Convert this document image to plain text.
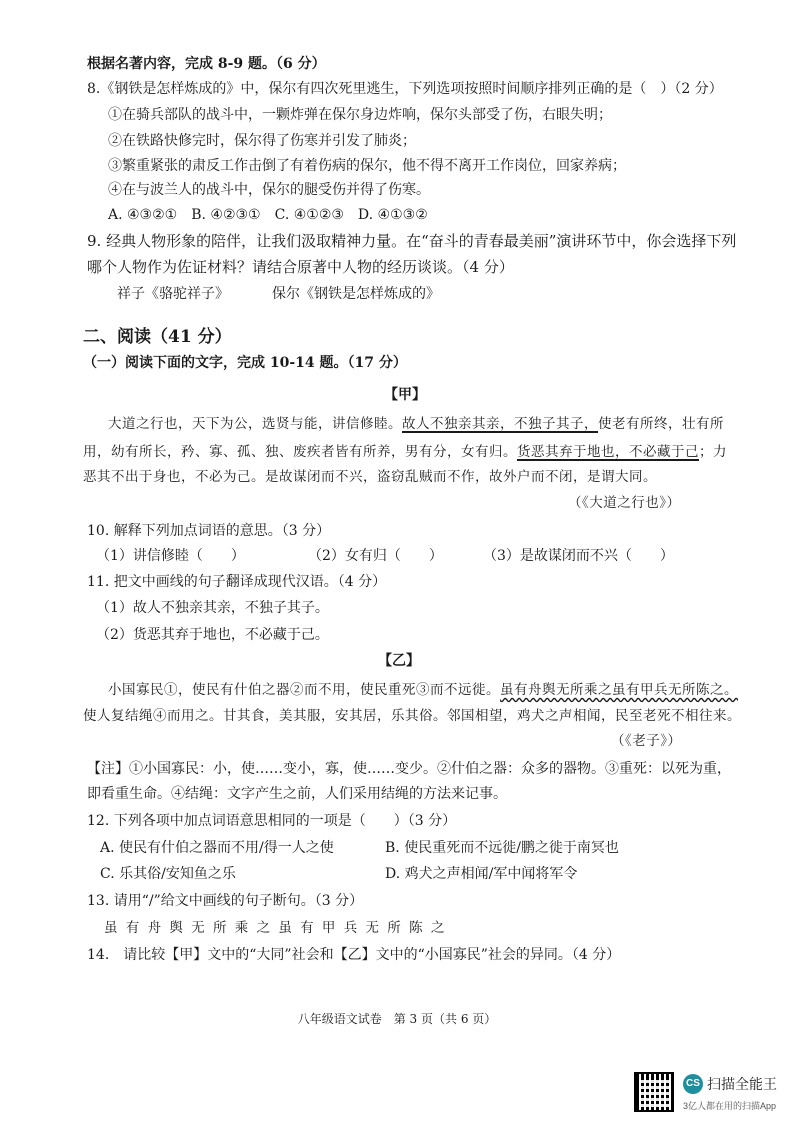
根据名著内容，完成 8-9 题。（6 分）
8.《钢铁是怎样炼成的》中，保尔有四次死里逃生，下列选项按照时间顺序排列正确的是（　）（2 分）
①在骑兵部队的战斗中，一颗炸弹在保尔身边炸响，保尔头部受了伤，右眼失明；
②在铁路快修完时，保尔得了伤寒并引发了肺炎；
③繁重紧张的肃反工作击倒了有着伤病的保尔，他不得不离开工作岗位，回家养病；
④在与波兰人的战斗中，保尔的腿受伤并得了伤寒。
A. ④③②①　B. ④②③①　C. ④①②③　D. ④①③②
9. 经典人物形象的陪伴，让我们汲取精神力量。在“奋斗的青春最美丽”演讲环节中，你会选择下列
哪个人物作为佐证材料？请结合原著中人物的经历谈谈。（4 分）
祥子《骆驼祥子》	保尔《钢铁是怎样炼成的》
二、阅读（41 分）
（一）阅读下面的文字，完成 10-14 题。（17 分）
【甲】
大道之行也，天下为公，选贤与能，讲信修睦。故人不独亲其亲，不独子其子，使老有所终，壮有所
用，幼有所长，矜、寡、孤、独、废疾者皆有所养，男有分，女有归。货恶其弃于地也，不必藏于己；力
恶其不出于身也，不必为己。是故谋闭而不兴，盗窃乱贼而不作，故外户而不闭，是谓大同。
（《大道之行也》）
10. 解释下列加点词语的意思。（3 分）
（1）讲信修睦（　　）	（2）女有归（　　）	（3）是故谋闭而不兴（　　）
11. 把文中画线的句子翻译成现代汉语。（4 分）
（1）故人不独亲其亲，不独子其子。
（2）货恶其弃于地也，不必藏于己。
【乙】
小国寡民①，使民有什伯之器②而不用，使民重死③而不远徙。虽有舟舆无所乘之虽有甲兵无所陈之。
使人复结绳④而用之。甘其食，美其服，安其居，乐其俗。邻国相望，鸡犬之声相闻，民至老死不相往来。
（《老子》）
【注】①小国寡民：小，使……变小，寡，使……变少。②什伯之器：众多的器物。③重死：以死为重，
即看重生命。④结绳：文字产生之前，人们采用结绳的方法来记事。
12. 下列各项中加点词语意思相同的一项是（　　）（3 分）
A. 使民有什伯之器而不用/得一人之使	B. 使民重死而不远徙/鹏之徙于南冥也
C. 乐其俗/安知鱼之乐	D. 鸡犬之声相闻/军中闻将军令
13. 请用“/”给文中画线的句子断句。（3 分）
虽 有 舟 舆 无 所 乘 之 虽 有 甲 兵 无 所 陈 之
14.　请比较【甲】文中的“大同”社会和【乙】文中的“小国寡民”社会的异同。（4 分）
八年级语文试卷　第 3 页（共 6 页）
CS 扫描全能王
3亿人都在用的扫描App
